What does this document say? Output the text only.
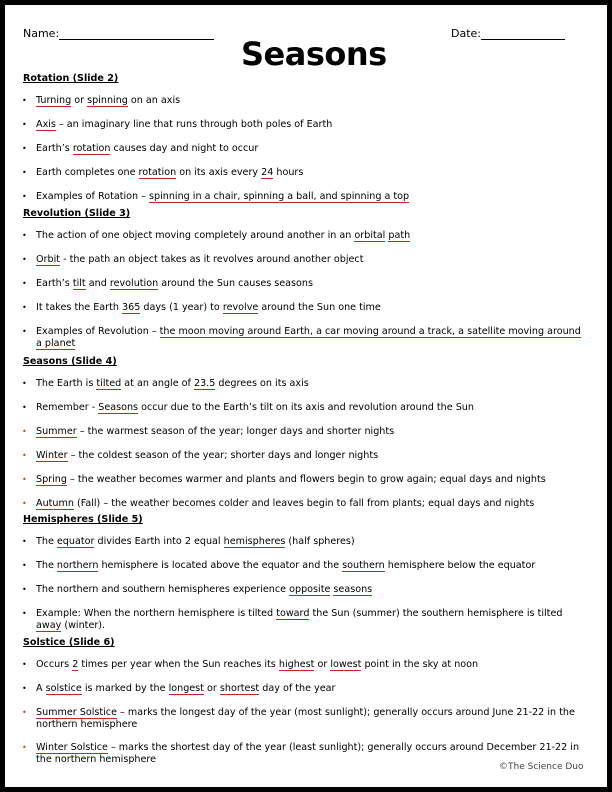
Name:
Seasons
Date:
Rotation (Slide 2)
• Turning or spinning on an axis
• Axis – an imaginary line that runs through both poles of Earth
• Earth’s rotation causes day and night to occur
• Earth completes one rotation on its axis every 24 hours
• Examples of Rotation – spinning in a chair, spinning a ball, and spinning a top
Revolution (Slide 3)
• The action of one object moving completely around another in an orbital path
• Orbit - the path an object takes as it revolves around another object
• Earth’s tilt and revolution around the Sun causes seasons
• It takes the Earth 365 days (1 year) to revolve around the Sun one time
• Examples of Revolution – the moon moving around Earth, a car moving around a track, a satellite moving around a planet
Seasons (Slide 4)
• The Earth is tilted at an angle of 23.5 degrees on its axis
• Remember - Seasons occur due to the Earth’s tilt on its axis and revolution around the Sun
• Summer – the warmest season of the year; longer days and shorter nights
• Winter – the coldest season of the year; shorter days and longer nights
• Spring – the weather becomes warmer and plants and flowers begin to grow again; equal days and nights
• Autumn (Fall) – the weather becomes colder and leaves begin to fall from plants; equal days and nights
Hemispheres (Slide 5)
• The equator divides Earth into 2 equal hemispheres (half spheres)
• The northern hemisphere is located above the equator and the southern hemisphere below the equator
• The northern and southern hemispheres experience opposite seasons
• Example: When the northern hemisphere is tilted toward the Sun (summer) the southern hemisphere is tilted away (winter).
Solstice (Slide 6)
• Occurs 2 times per year when the Sun reaches its highest or lowest point in the sky at noon
• A solstice is marked by the longest or shortest day of the year
• Summer Solstice – marks the longest day of the year (most sunlight); generally occurs around June 21-22 in the northern hemisphere
• Winter Solstice – marks the shortest day of the year (least sunlight); generally occurs around December 21-22 in the northern hemisphere
©The Science Duo
